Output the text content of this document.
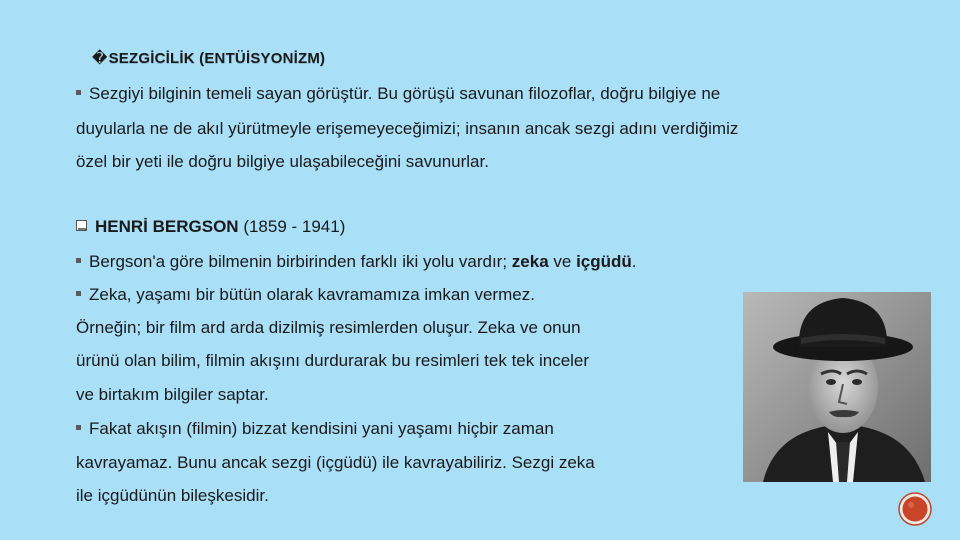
� SEZGİCİLİK (ENTÜİSYONİZM)
Sezgiyi bilginin temeli sayan görüştür. Bu görüşü savunan filozoflar, doğru bilgiye ne
duyularla ne de akıl yürütmeyle erişemeyeceğimizi; insanın ancak sezgi adını verdiğimiz
özel bir yeti ile doğru bilgiye ulaşabileceğini savunurlar.
HENRİ BERGSON (1859 - 1941)
Bergson'a göre bilmenin birbirinden farklı iki yolu vardır; zeka ve içgüdü.
Zeka, yaşamı bir bütün olarak kavramamıza imkan vermez.
Örneğin; bir film ard arda dizilmiş resimlerden oluşur. Zeka ve onun
ürünü olan bilim, filmin akışını durdurarak bu resimleri tek tek inceler
ve birtakım bilgiler saptar.
Fakat akışın (filmin) bizzat kendisini yani yaşamı hiçbir zaman
kavrayamaz. Bunu ancak sezgi (içgüdü) ile kavrayabiliriz. Sezgi zeka
ile içgüdünün bileşkesidir.
